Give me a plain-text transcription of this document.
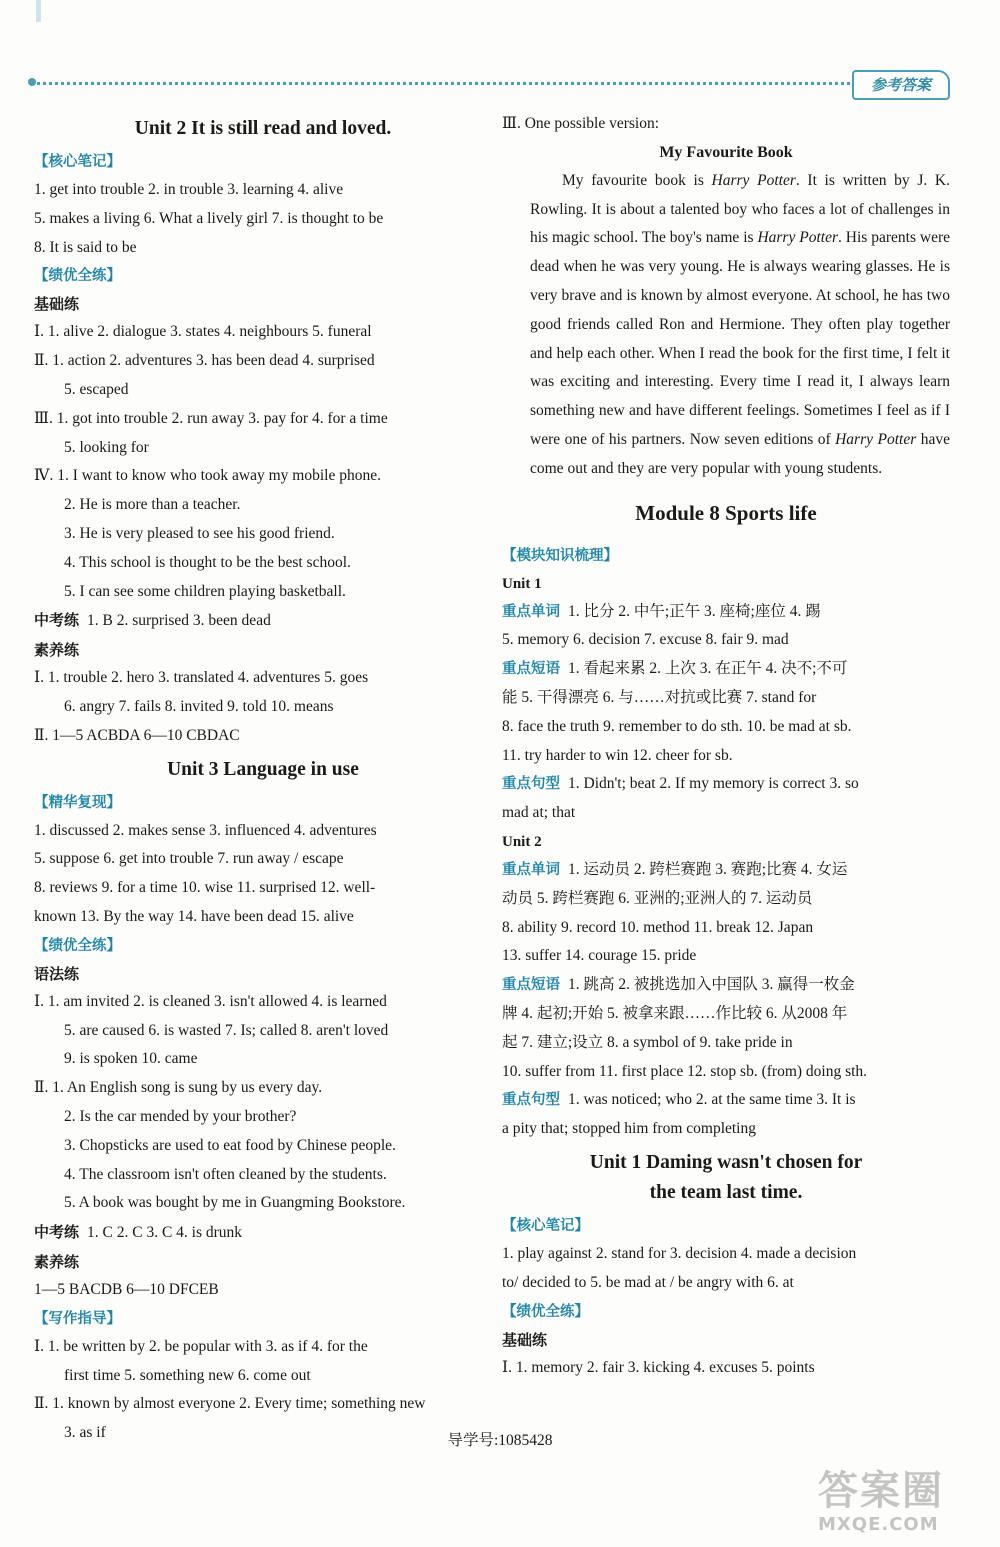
参考答案
Unit 2 It is still read and loved.
【核心笔记】
1. get into trouble 2. in trouble 3. learning 4. alive
5. makes a living 6. What a lively girl 7. is thought to be
8. It is said to be
【绩优全练】
基础练
Ⅰ. 1. alive 2. dialogue 3. states 4. neighbours 5. funeral
Ⅱ. 1. action 2. adventures 3. has been dead 4. surprised
5. escaped
Ⅲ. 1. got into trouble 2. run away 3. pay for 4. for a time
5. looking for
Ⅳ. 1. I want to know who took away my mobile phone.
2. He is more than a teacher.
3. He is very pleased to see his good friend.
4. This school is thought to be the best school.
5. I can see some children playing basketball.
中考练 1. B 2. surprised 3. been dead
素养练
Ⅰ. 1. trouble 2. hero 3. translated 4. adventures 5. goes
6. angry 7. fails 8. invited 9. told 10. means
Ⅱ. 1—5 ACBDA 6—10 CBDAC
Unit 3 Language in use
【精华复现】
1. discussed 2. makes sense 3. influenced 4. adventures
5. suppose 6. get into trouble 7. run away / escape
8. reviews 9. for a time 10. wise 11. surprised 12. well-
known 13. By the way 14. have been dead 15. alive
【绩优全练】
语法练
Ⅰ. 1. am invited 2. is cleaned 3. isn't allowed 4. is learned
5. are caused 6. is wasted 7. Is; called 8. aren't loved
9. is spoken 10. came
Ⅱ. 1. An English song is sung by us every day.
2. Is the car mended by your brother?
3. Chopsticks are used to eat food by Chinese people.
4. The classroom isn't often cleaned by the students.
5. A book was bought by me in Guangming Bookstore.
中考练 1. C 2. C 3. C 4. is drunk
素养练
1—5 BACDB 6—10 DFCEB
【写作指导】
Ⅰ. 1. be written by 2. be popular with 3. as if 4. for the
first time 5. something new 6. come out
Ⅱ. 1. known by almost everyone 2. Every time; something new
3. as if
Ⅲ. One possible version:
My Favourite Book

My favourite book is Harry Potter. It is written by J. K. Rowling. It is about a talented boy who faces a lot of challenges in his magic school. The boy's name is Harry Potter. His parents were dead when he was very young. He is always wearing glasses. He is very brave and is known by almost everyone. At school, he has two good friends called Ron and Hermione. They often play together and help each other. When I read the book for the first time, I felt it was exciting and interesting. Every time I read it, I always learn something new and have different feelings. Sometimes I feel as if I were one of his partners. Now seven editions of Harry Potter have come out and they are very popular with young students.

Module 8 Sports life
【模块知识梳理】
Unit 1
重点单词 1. 比分 2. 中午;正午 3. 座椅;座位 4. 踢
5. memory 6. decision 7. excuse 8. fair 9. mad
重点短语 1. 看起来累 2. 上次 3. 在正午 4. 决不;不可
能 5. 干得漂亮 6. 与……对抗或比赛 7. stand for
8. face the truth 9. remember to do sth. 10. be mad at sb.
11. try harder to win 12. cheer for sb.
重点句型 1. Didn't; beat 2. If my memory is correct 3. so
mad at; that
Unit 2
重点单词 1. 运动员 2. 跨栏赛跑 3. 赛跑;比赛 4. 女运
动员 5. 跨栏赛跑 6. 亚洲的;亚洲人的 7. 运动员
8. ability 9. record 10. method 11. break 12. Japan
13. suffer 14. courage 15. pride
重点短语 1. 跳高 2. 被挑选加入中国队 3. 赢得一枚金
牌 4. 起初;开始 5. 被拿来跟……作比较 6. 从2008 年
起 7. 建立;设立 8. a symbol of 9. take pride in
10. suffer from 11. first place 12. stop sb. (from) doing sth.
重点句型 1. was noticed; who 2. at the same time 3. It is
a pity that; stopped him from completing
Unit 1 Daming wasn't chosen for
the team last time.
【核心笔记】
1. play against 2. stand for 3. decision 4. made a decision
to/ decided to 5. be mad at / be angry with 6. at
【绩优全练】
基础练
Ⅰ. 1. memory 2. fair 3. kicking 4. excuses 5. points
导学号:1085428
答案圈
MXQE.COM
